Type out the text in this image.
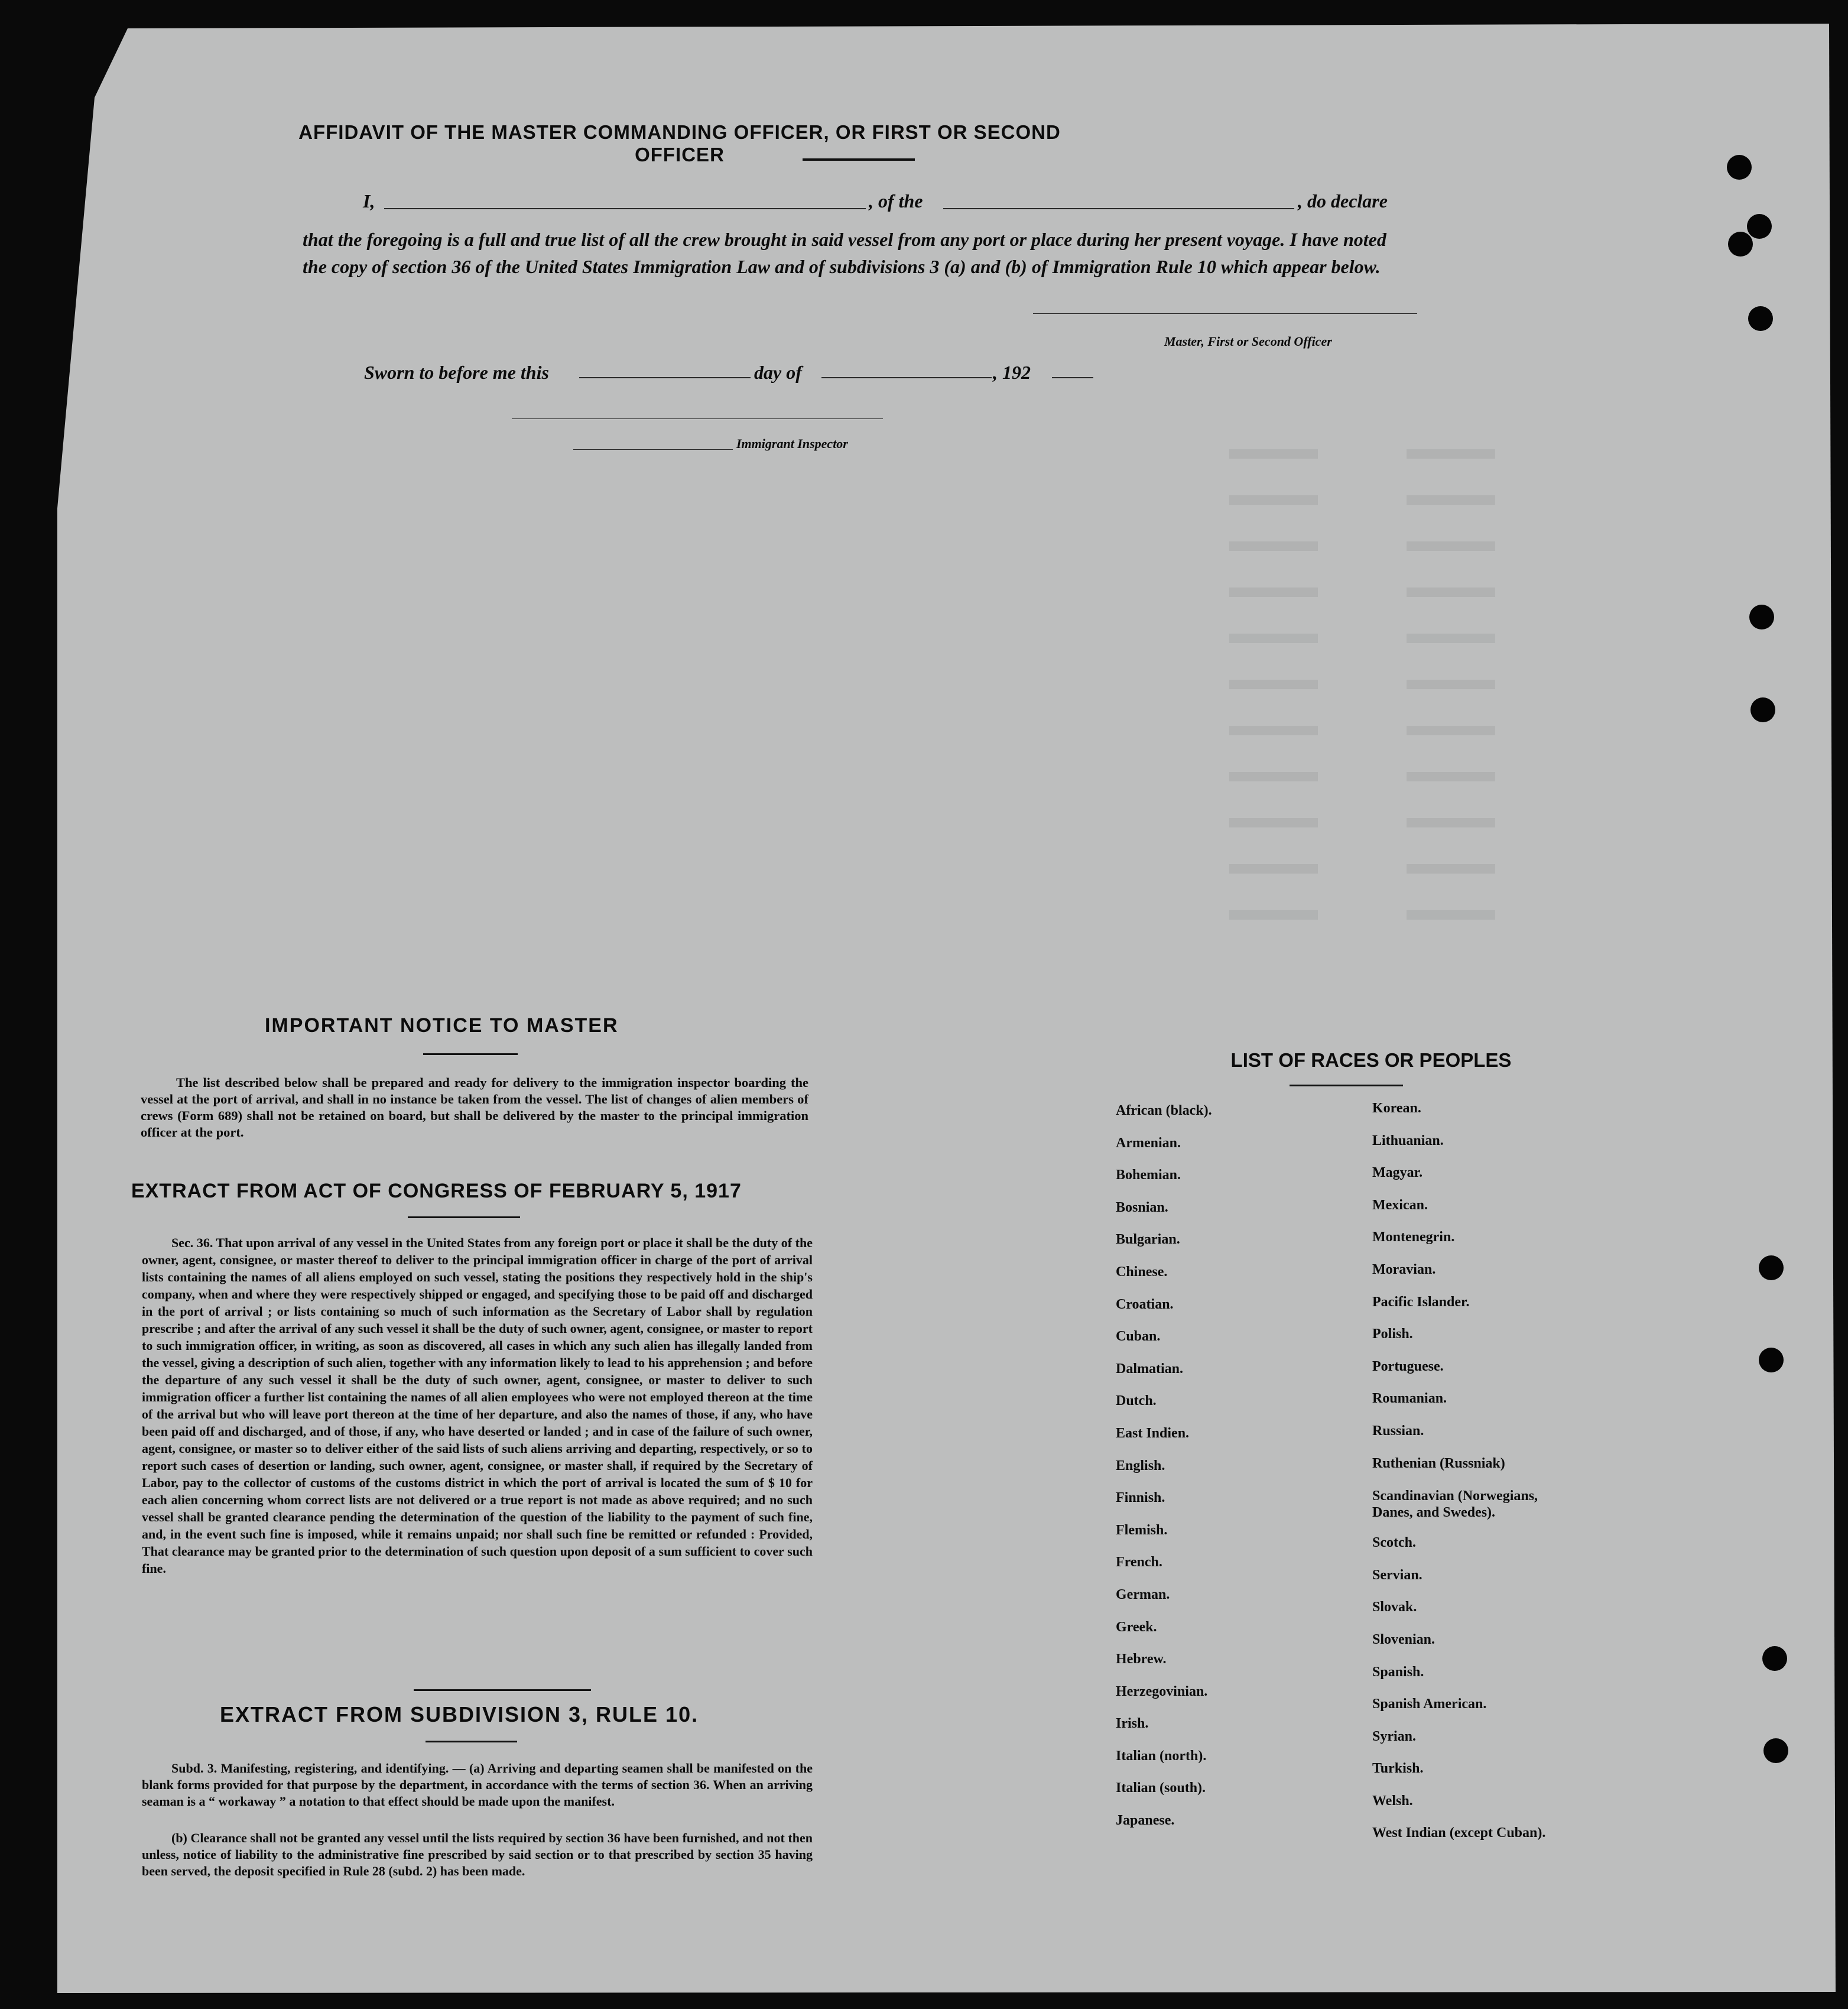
AFFIDAVIT OF THE MASTER COMMANDING OFFICER, OR FIRST OR SECOND OFFICER
I,	, of the	, do declare
that the foregoing is a full and true list of all the crew brought in said vessel from any port or place during her present voyage. I have noted the copy of section 36 of the United States Immigration Law and of subdivisions 3 (a) and (b) of Immigration Rule 10 which appear below.
Master, First or Second Officer
Sworn to before me this	day of	, 192
Immigrant Inspector
IMPORTANT NOTICE TO MASTER
The list described below shall be prepared and ready for delivery to the immigration inspector boarding the vessel at the port of arrival, and shall in no instance be taken from the vessel. The list of changes of alien members of crews (Form 689) shall not be retained on board, but shall be delivered by the master to the principal immigration officer at the port.
EXTRACT FROM ACT OF CONGRESS OF FEBRUARY 5, 1917
Sec. 36. That upon arrival of any vessel in the United States from any foreign port or place it shall be the duty of the owner, agent, consignee, or master thereof to deliver to the principal immigration officer in charge of the port of arrival lists containing the names of all aliens employed on such vessel, stating the positions they respectively hold in the ship's company, when and where they were respectively shipped or engaged, and specifying those to be paid off and discharged in the port of arrival ; or lists containing so much of such information as the Secretary of Labor shall by regulation prescribe ; and after the arrival of any such vessel it shall be the duty of such owner, agent, consignee, or master to report to such immigration officer, in writing, as soon as discovered, all cases in which any such alien has illegally landed from the vessel, giving a description of such alien, together with any information likely to lead to his apprehension ; and before the departure of any such vessel it shall be the duty of such owner, agent, consignee, or master to deliver to such immigration officer a further list containing the names of all alien employees who were not employed thereon at the time of the arrival but who will leave port thereon at the time of her departure, and also the names of those, if any, who have been paid off and discharged, and of those, if any, who have deserted or landed ; and in case of the failure of such owner, agent, consignee, or master so to deliver either of the said lists of such aliens arriving and departing, respectively, or so to report such cases of desertion or landing, such owner, agent, consignee, or master shall, if required by the Secretary of Labor, pay to the collector of customs of the customs district in which the port of arrival is located the sum of $ 10 for each alien concerning whom correct lists are not delivered or a true report is not made as above required; and no such vessel shall be granted clearance pending the determination of the question of the liability to the payment of such fine, and, in the event such fine is imposed, while it remains unpaid; nor shall such fine be remitted or refunded : Provided, That clearance may be granted prior to the determination of such question upon deposit of a sum sufficient to cover such fine.
EXTRACT FROM SUBDIVISION 3, RULE 10.
Subd. 3. Manifesting, registering, and identifying. — (a) Arriving and departing seamen shall be manifested on the blank forms provided for that purpose by the department, in accordance with the terms of section 36. When an arriving seaman is a “ workaway ” a notation to that effect should be made upon the manifest.
(b) Clearance shall not be granted any vessel until the lists required by section 36 have been furnished, and not then unless, notice of liability to the administrative fine prescribed by said section or to that prescribed by section 35 having been served, the deposit specified in Rule 28 (subd. 2) has been made.
LIST OF RACES OR PEOPLES
African (black).
Armenian.
Bohemian.
Bosnian.
Bulgarian.
Chinese.
Croatian.
Cuban.
Dalmatian.
Dutch.
East Indien.
English.
Finnish.
Flemish.
French.
German.
Greek.
Hebrew.
Herzegovinian.
Irish.
Italian (north).
Italian (south).
Japanese.
Korean.
Lithuanian.
Magyar.
Mexican.
Montenegrin.
Moravian.
Pacific Islander.
Polish.
Portuguese.
Roumanian.
Russian.
Ruthenian (Russniak)
Scandinavian (Norwegians, Danes, and Swedes).
Scotch.
Servian.
Slovak.
Slovenian.
Spanish.
Spanish American.
Syrian.
Turkish.
Welsh.
West Indian (except Cuban).
